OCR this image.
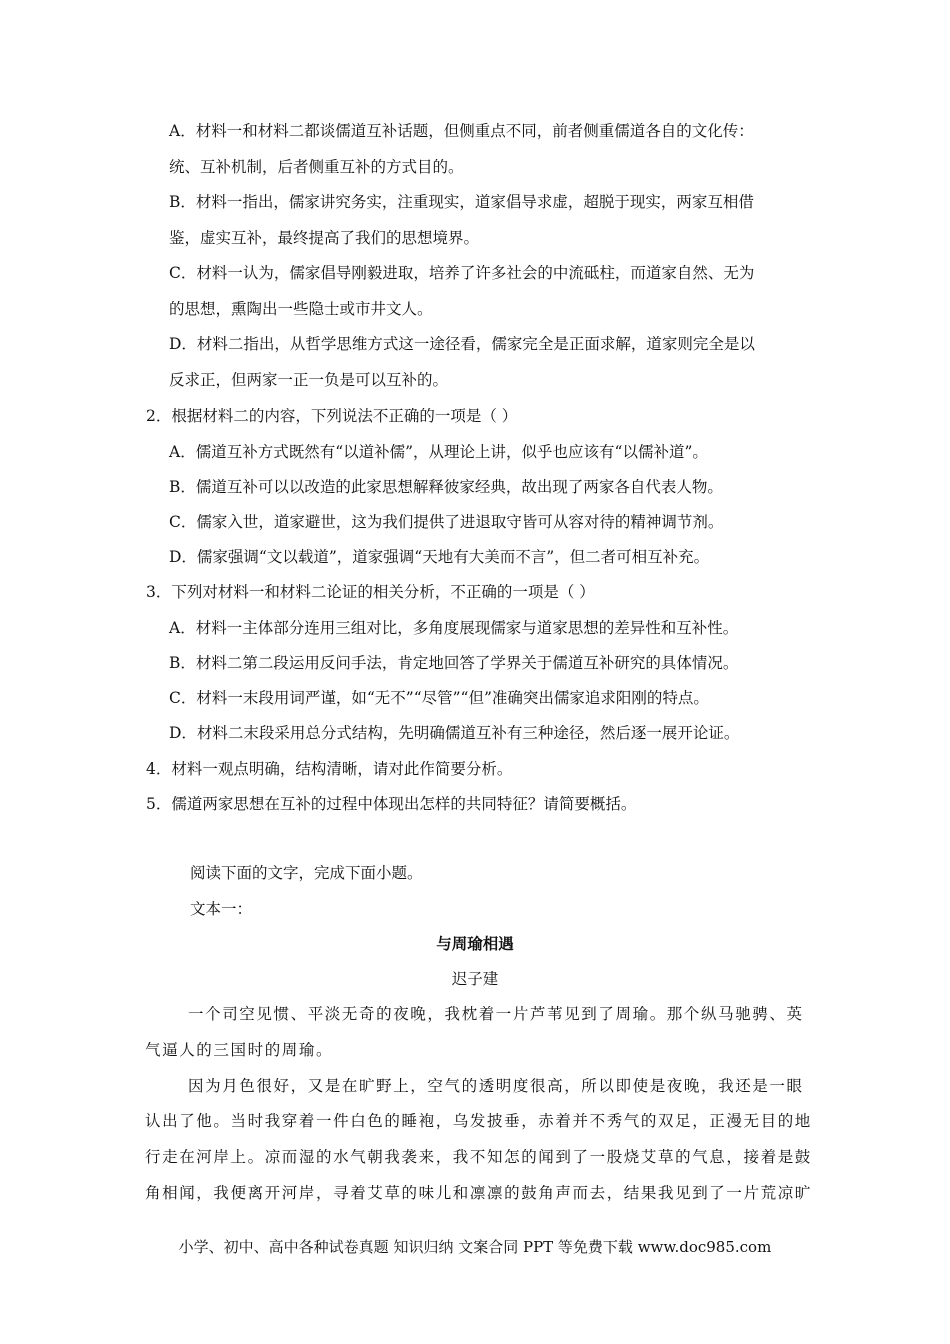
A．材料一和材料二都谈儒道互补话题，但侧重点不同，前者侧重儒道各自的文化传：
统、互补机制，后者侧重互补的方式目的。
B．材料一指出，儒家讲究务实，注重现实，道家倡导求虚，超脱于现实，两家互相借
鉴，虚实互补，最终提高了我们的思想境界。
C．材料一认为，儒家倡导刚毅进取，培养了许多社会的中流砥柱，而道家自然、无为
的思想，熏陶出一些隐士或市井文人。
D．材料二指出，从哲学思维方式这一途径看，儒家完全是正面求解，道家则完全是以
反求正，但两家一正一负是可以互补的。
2．根据材料二的内容，下列说法不正确的一项是（ ）
A．儒道互补方式既然有“以道补儒”，从理论上讲，似乎也应该有“以儒补道”。
B．儒道互补可以以改造的此家思想解释彼家经典，故出现了两家各自代表人物。
C．儒家入世，道家避世，这为我们提供了进退取守皆可从容对待的精神调节剂。
D．儒家强调“文以载道”，道家强调“天地有大美而不言”，但二者可相互补充。
3．下列对材料一和材料二论证的相关分析，不正确的一项是（ ）
A．材料一主体部分连用三组对比，多角度展现儒家与道家思想的差异性和互补性。
B．材料二第二段运用反问手法，肯定地回答了学界关于儒道互补研究的具体情况。
C．材料一末段用词严谨，如“无不”“尽管”“但”准确突出儒家追求阳刚的特点。
D．材料二末段采用总分式结构，先明确儒道互补有三种途径，然后逐一展开论证。
4．材料一观点明确，结构清晰，请对此作简要分析。
5．儒道两家思想在互补的过程中体现出怎样的共同特征？请简要概括。
阅读下面的文字，完成下面小题。
文本一：
与周瑜相遇
迟子建
一个司空见惯、平淡无奇的夜晚，我枕着一片芦苇见到了周瑜。那个纵马驰骋、英
气逼人的三国时的周瑜。
因为月色很好，又是在旷野上，空气的透明度很高，所以即使是夜晚，我还是一眼
认出了他。当时我穿着一件白色的睡袍，乌发披垂，赤着并不秀气的双足，正漫无目的地
行走在河岸上。凉而湿的水气朝我袭来，我不知怎的闻到了一股烧艾草的气息，接着是鼓
角相闻，我便离开河岸，寻着艾草的味儿和凛凛的鼓角声而去，结果我见到了一片荒凉旷
小学、初中、高中各种试卷真题 知识归纳 文案合同 PPT 等免费下载 www.doc985.com
